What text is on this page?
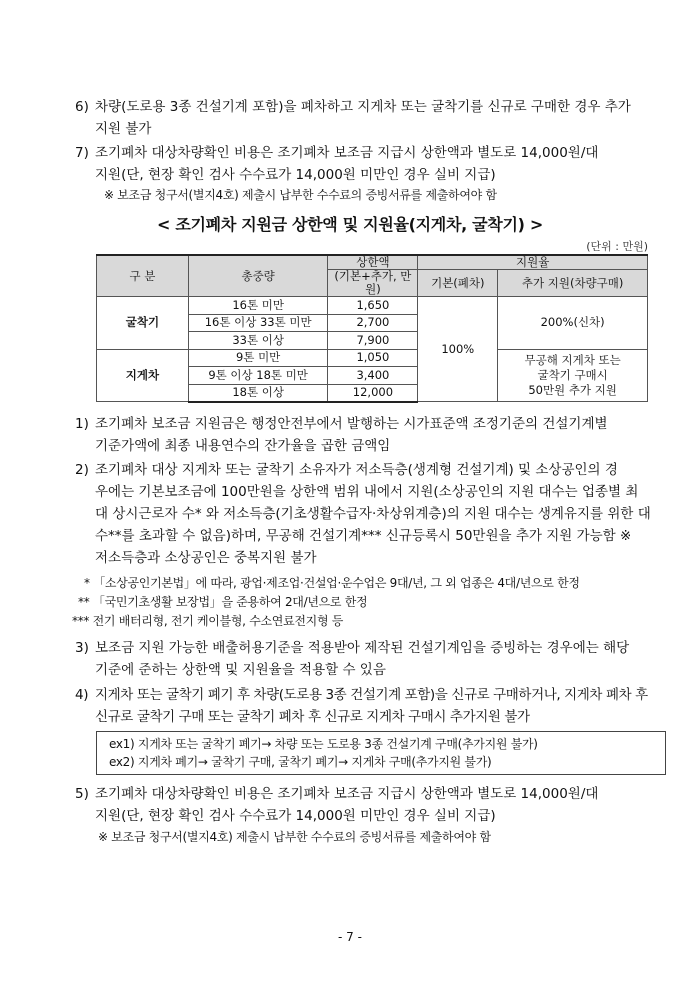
6) 차량(도로용 3종 건설기계 포함)을 폐차하고 지게차 또는 굴착기를 신규로 구매한 경우 추가
지원 불가
7) 조기폐차 대상차량확인 비용은 조기폐차 보조금 지급시 상한액과 별도로 14,000원/대
지원(단, 현장 확인 검사 수수료가 14,000원 미만인 경우 실비 지급)
※ 보조금 청구서(별지4호) 제출시 납부한 수수료의 증빙서류를 제출하여야 함
< 조기폐차 지원금 상한액 및 지원율(지게차, 굴착기) >
(단위 : 만원)
구 분	총중량	상한액	지원율	
		(기본+추가, 만원)	기본(폐차)	추가 지원(차량구매)
굴착기	16톤 미만	1,650	100%	200%(신차)
	16톤 이상 33톤 미만	2,700		
	33톤 이상	7,900		
지게차	9톤 미만	1,050		무공해 지게차 또는
굴착기 구매시
50만원 추가 지원

	9톤 이상 18톤 미만	3,400		
	18톤 이상	12,000		
1) 조기폐차 보조금 지원금은 행정안전부에서 발행하는 시가표준액 조정기준의 건설기계별
기준가액에 최종 내용연수의 잔가율을 곱한 금액임
2) 조기폐차 대상 지게차 또는 굴착기 소유자가 저소득층(생계형 건설기계) 및 소상공인의 경
우에는 기본보조금에 100만원을 상한액 범위 내에서 지원(소상공인의 지원 대수는 업종별 최
대 상시근로자 수* 와 저소득층(기초생활수급자·차상위계층)의 지원 대수는 생계유지를 위한 대
수**를 초과할 수 없음)하며, 무공해 건설기계*** 신규등록시 50만원을 추가 지원 가능함 ※
저소득층과 소상공인은 중복지원 불가
* 「소상공인기본법」에 따라, 광업·제조업·건설업·운수업은 9대/년, 그 외 업종은 4대/년으로 한정
** 「국민기초생활 보장법」을 준용하여 2대/년으로 한정
*** 전기 배터리형, 전기 케이블형, 수소연료전지형 등
3) 보조금 지원 가능한 배출허용기준을 적용받아 제작된 건설기계임을 증빙하는 경우에는 해당
기준에 준하는 상한액 및 지원율을 적용할 수 있음
4) 지게차 또는 굴착기 폐기 후 차량(도로용 3종 건설기계 포함)을 신규로 구매하거나, 지게차 폐차 후
신규로 굴착기 구매 또는 굴착기 폐차 후 신규로 지게차 구매시 추가지원 불가
ex1) 지게차 또는 굴착기 폐기→ 차량 또는 도로용 3종 건설기계 구매(추가지원 불가)
ex2) 지게차 폐기→ 굴착기 구매, 굴착기 폐기→ 지게차 구매(추가지원 불가)
5) 조기폐차 대상차량확인 비용은 조기폐차 보조금 지급시 상한액과 별도로 14,000원/대
지원(단, 현장 확인 검사 수수료가 14,000원 미만인 경우 실비 지급)
※ 보조금 청구서(별지4호) 제출시 납부한 수수료의 증빙서류를 제출하여야 함
- 7 -
